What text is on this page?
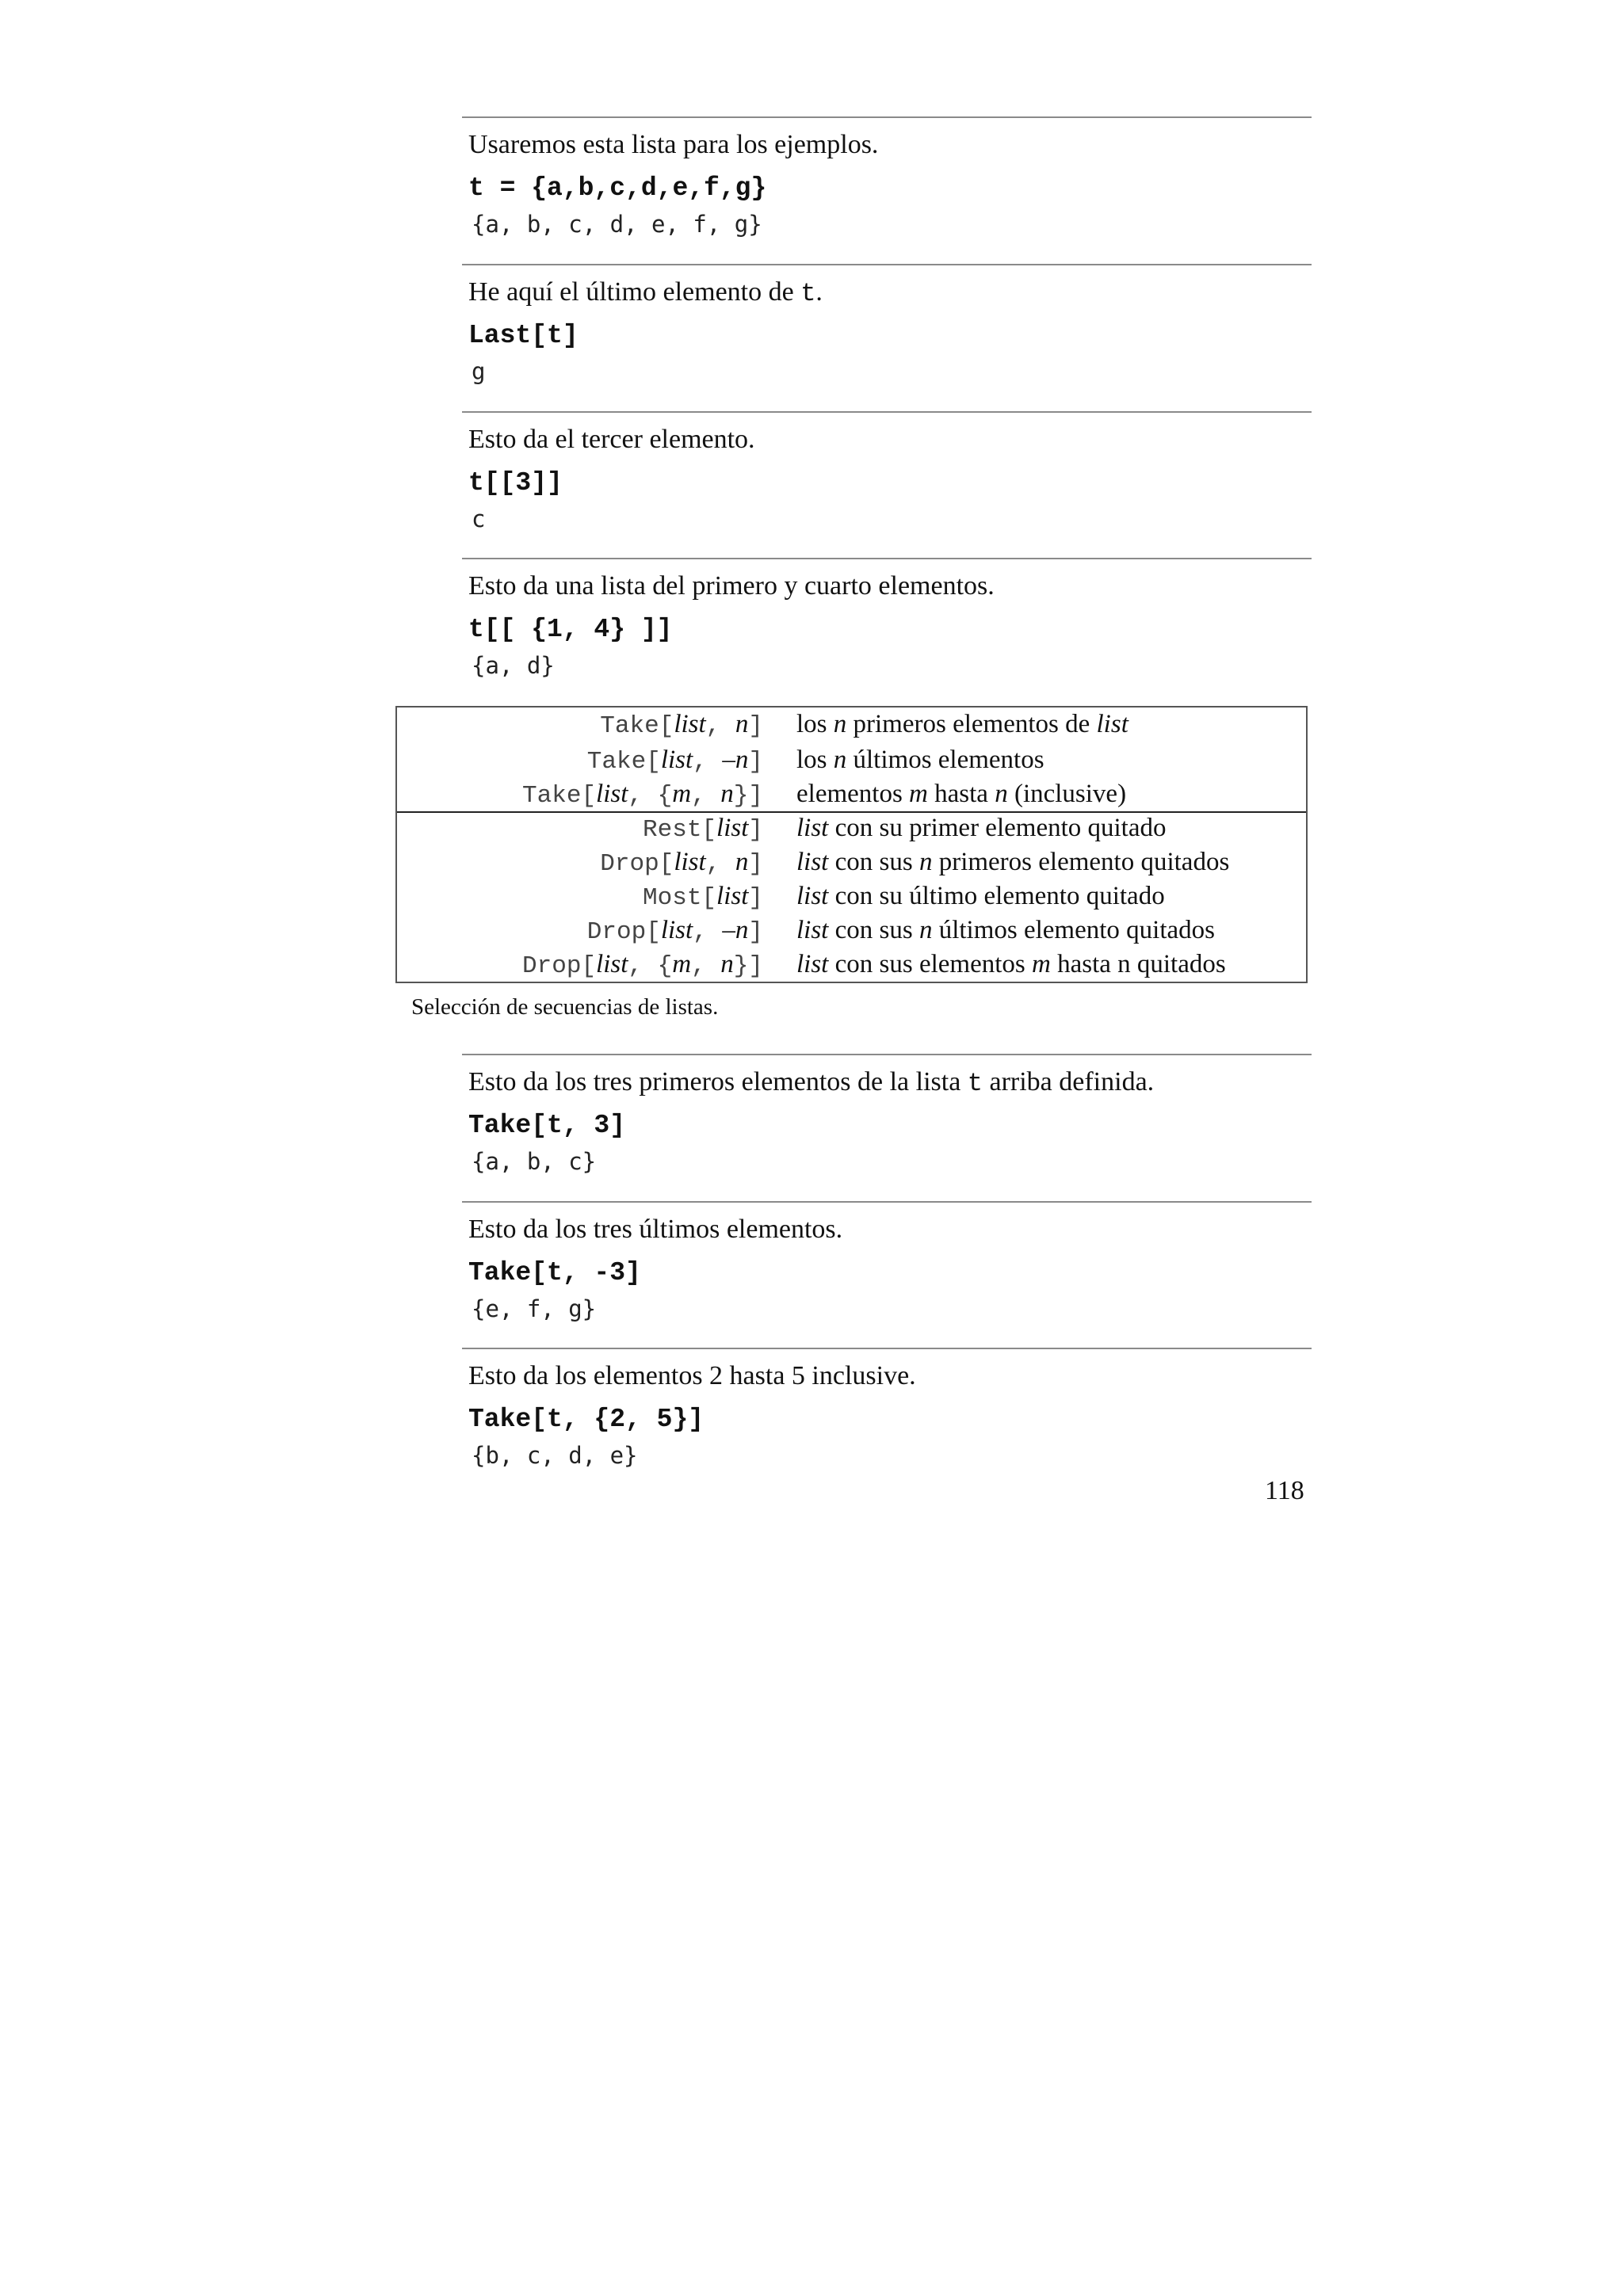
Usaremos esta lista para los ejemplos.
t = {a,b,c,d,e,f,g}
{a, b, c, d, e, f, g}
He aquí el último elemento de t.
Last[t]
g
Esto da el tercer elemento.
t[[3]]
c
Esto da una lista del primero y cuarto elementos.
t[[ {1, 4} ]]
{a, d}
Take[list, n] los n primeros elementos de list
Take[list, –n] los n últimos elementos
Take[list, {m, n}] elementos m hasta n (inclusive)
Rest[list] list con su primer elemento quitado
Drop[list, n] list con sus n primeros elemento quitados
Most[list] list con su último elemento quitado
Drop[list, –n] list con sus n últimos elemento quitados
Drop[list, {m, n}] list con sus elementos m hasta n quitados
Selección de secuencias de listas.
Esto da los tres primeros elementos de la lista t arriba definida.
Take[t, 3]
{a, b, c}
Esto da los tres últimos elementos.
Take[t, -3]
{e, f, g}
Esto da los elementos 2 hasta 5 inclusive.
Take[t, {2, 5}]
{b, c, d, e}
118
